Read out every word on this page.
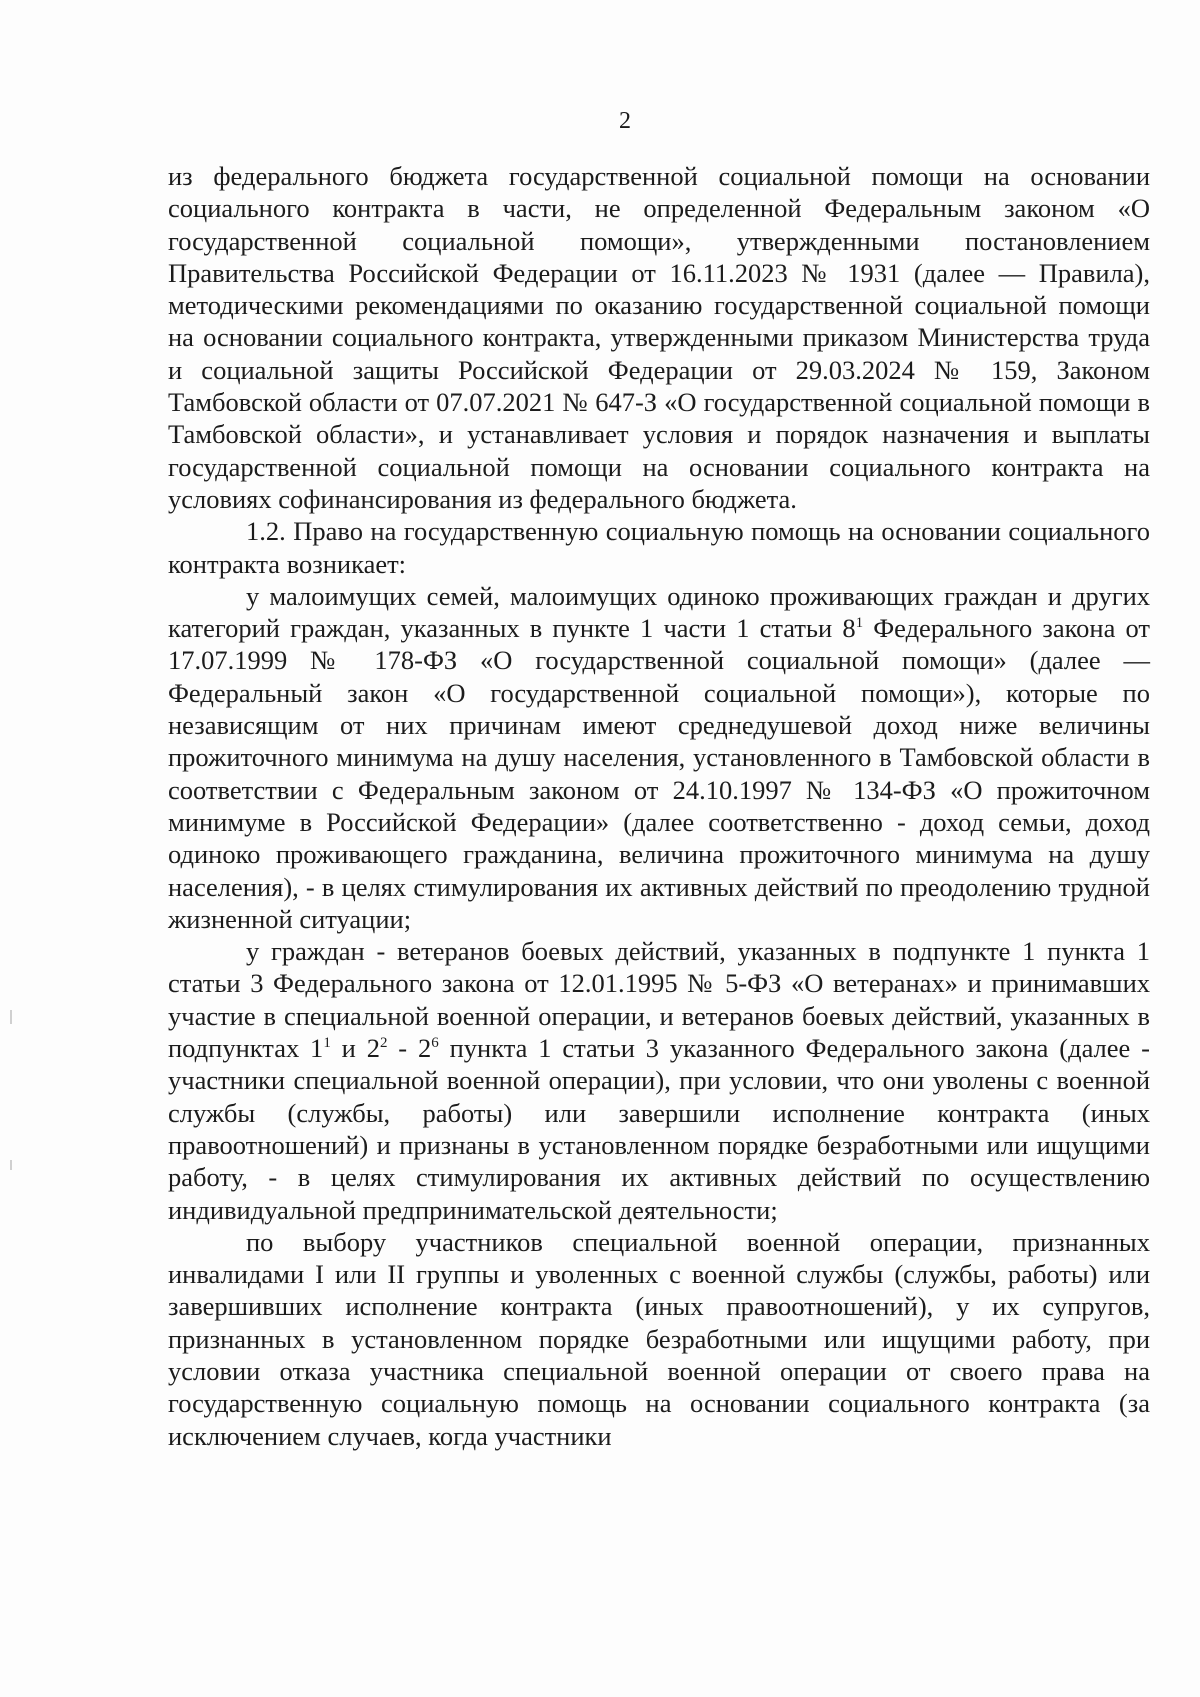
2

из федерального бюджета государственной социальной помощи на основании социального контракта в части, не определенной Федеральным законом «О государственной социальной помощи», утвержденными постановлением Правительства Российской Федерации от 16.11.2023 № 1931 (далее — Правила), методическими рекомендациями по оказанию государственной социальной помощи на основании социального контракта, утвержденными приказом Министерства труда и социальной защиты Российской Федерации от 29.03.2024 № 159, Законом Тамбовской области от 07.07.2021 № 647-З «О государственной социальной помощи в Тамбовской области», и устанавливает условия и порядок назначения и выплаты государственной социальной помощи на основании социального контракта на условиях софинансирования из федерального бюджета.

1.2. Право на государственную социальную помощь на основании социального контракта возникает:

у малоимущих семей, малоимущих одиноко проживающих граждан и других категорий граждан, указанных в пункте 1 части 1 статьи $8^1$ Федерального закона от 17.07.1999 № 178-ФЗ «О государственной социальной помощи» (далее — Федеральный закон «О государственной социальной помощи»), которые по независящим от них причинам имеют среднедушевой доход ниже величины прожиточного минимума на душу населения, установленного в Тамбовской области в соответствии с Федеральным законом от 24.10.1997 № 134-ФЗ «О прожиточном минимуме в Российской Федерации» (далее соответственно - доход семьи, доход одиноко проживающего гражданина, величина прожиточного минимума на душу населения), - в целях стимулирования их активных действий по преодолению трудной жизненной ситуации;

у граждан - ветеранов боевых действий, указанных в подпункте 1 пункта 1 статьи 3 Федерального закона от 12.01.1995 № 5-ФЗ «О ветеранах» и принимавших участие в специальной военной операции, и ветеранов боевых действий, указанных в подпунктах $1^1$ и $2^2 - 2^6$ пункта 1 статьи 3 указанного Федерального закона (далее - участники специальной военной операции), при условии, что они уволены с военной службы (службы, работы) или завершили исполнение контракта (иных правоотношений) и признаны в установленном порядке безработными или ищущими работу, - в целях стимулирования их активных действий по осуществлению индивидуальной предпринимательской деятельности;

по выбору участников специальной военной операции, признанных инвалидами I или II группы и уволенных с военной службы (службы, работы) или завершивших исполнение контракта (иных правоотношений), у их супругов, признанных в установленном порядке безработными или ищущими работу, при условии отказа участника специальной военной операции от своего права на государственную социальную помощь на основании социального контракта (за исключением случаев, когда участники
